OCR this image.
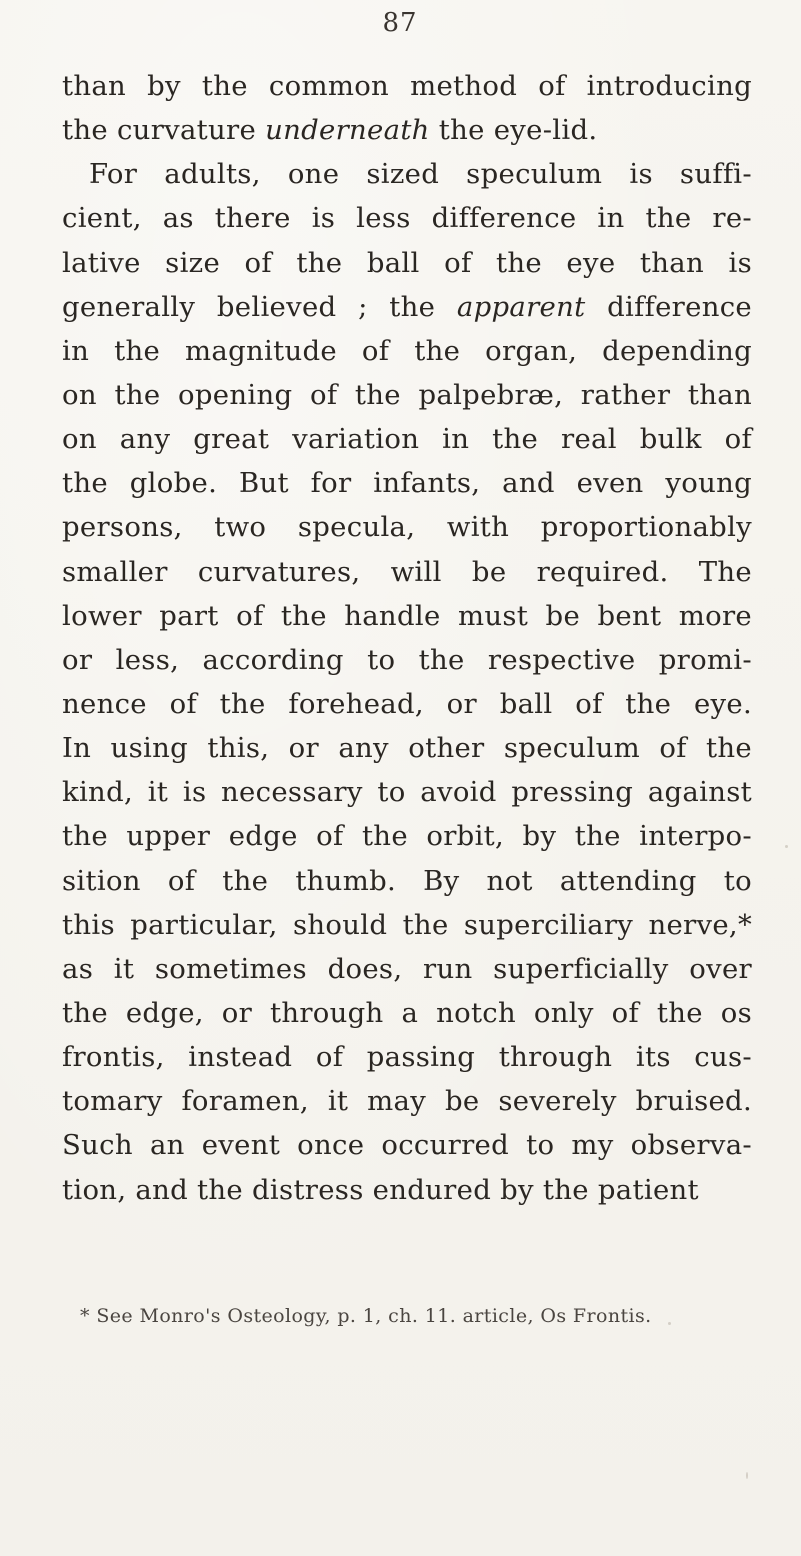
87
than by the common method of introducing
the curvature underneath the eye-lid.
For adults, one sized speculum is suffi-
cient, as there is less difference in the re-
lative size of the ball of the eye than is
generally believed ; the apparent difference
in the magnitude of the organ, depending
on the opening of the palpebræ, rather than
on any great variation in the real bulk of
the globe. But for infants, and even young
persons, two specula, with proportionably
smaller curvatures, will be required. The
lower part of the handle must be bent more
or less, according to the respective promi-
nence of the forehead, or ball of the eye.
In using this, or any other speculum of the
kind, it is necessary to avoid pressing against
the upper edge of the orbit, by the interpo-
sition of the thumb. By not attending to
this particular, should the superciliary nerve,*
as it sometimes does, run superficially over
the edge, or through a notch only of the os
frontis, instead of passing through its cus-
tomary foramen, it may be severely bruised.
Such an event once occurred to my observa-
tion, and the distress endured by the patient
* See Monro's Osteology, p. 1, ch. 11. article, Os Frontis.
